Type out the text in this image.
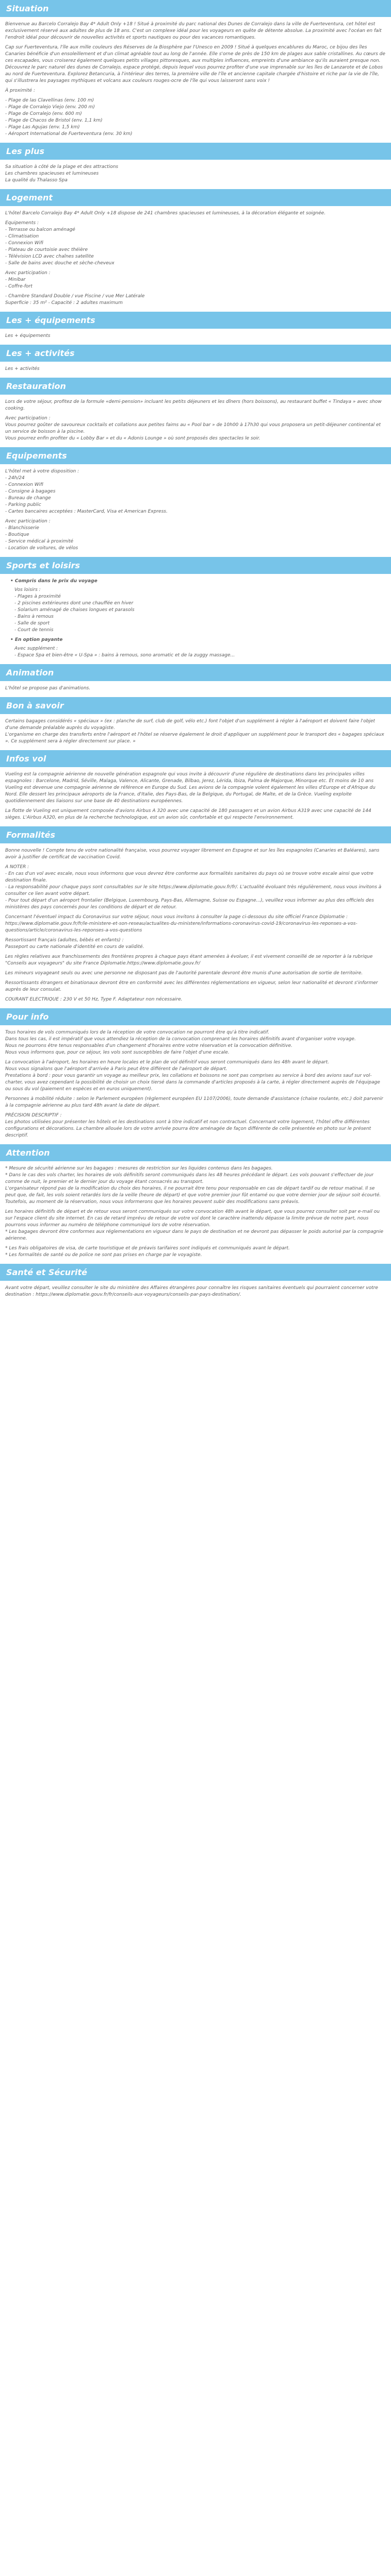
Situation

Bienvenue au Barcelo Corralejo Bay 4* Adult Only +18 ! Situé à proximité du parc national des Dunes de Corralejo dans la ville de Fuerteventura, cet hôtel est exclusivement réservé aux adultes de plus de 18 ans. C'est un complexe idéal pour les voyageurs en quête de détente absolue. La proximité avec l'océan en fait l'endroit idéal pour découvrir de nouvelles activités et sports nautiques ou pour des vacances romantiques.

Cap sur Fuerteventura, l'île aux mille couleurs des Réserves de la Biosphère par l'Unesco en 2009 ! Situé à quelques encablures du Maroc, ce bijou des îles Canaries bénéficie d'un ensoleillement et d'un climat agréable tout au long de l'année. Elle s'orne de près de 150 km de plages aux sable cristallines. Au cœurs de ces escapades, vous croiserez également quelques petits villages pittoresques, aux multiples influences, empreints d'une ambiance qu'ils auraient presque non. Découvrez le parc naturel des dunes de Corralejo, espace protégé, depuis lequel vous pourrez profiter d'une vue imprenable sur les îles de Lanzarote et de Lobos au nord de Fuerteventura. Explorez Betancuria, à l'intérieur des terres, la première ville de l'île et ancienne capitale chargée d'histoire et riche par la vie de l'île, qui s'illustrera les paysages mythiques et volcans aux couleurs rouges-ocre de l'île qui vous laisseront sans voix !

À proximité :

- Plage de las Clavellinas (env. 100 m)
- Plage de Corralejo Viejo (env. 200 m)
- Plage de Corralejo (env. 600 m)
- Plage de Chacos de Bristol (env. 1,1 km)
- Plage Las Agujas (env. 1,5 km)
- Aéroport International de Fuerteventura (env. 30 km)

Les plus

Sa situation à côté de la plage et des attractions
Les chambres spacieuses et lumineuses
La qualité du Thalasso Spa

Logement

L'hôtel Barcelo Corralejo Bay 4* Adult Only +18 dispose de 241 chambres spacieuses et lumineuses, à la décoration élégante et soignée.

Equipements :
- Terrasse ou balcon aménagé
- Climatisation
- Connexion Wifi
- Plateau de courtoisie avec théière
- Télévision LCD avec chaînes satellite
- Salle de bains avec douche et sèche-cheveux

Avec participation :
- Minibar
- Coffre-fort

- Chambre Standard Double / vue Piscine / vue Mer Latérale
Superficie : 35 m² - Capacité : 2 adultes maximum

Les + équipements

Les + équipements

Les + activités

Les + activités

Restauration

Lors de votre séjour, profitez de la formule «demi-pension» incluant les petits déjeuners et les dîners (hors boissons), au restaurant buffet « Tindaya » avec show cooking.

Avec participation :
Vous pourrez goûter de savoureux cocktails et collations aux petites faims au « Pool bar » de 10h00 à 17h30 qui vous proposera un petit-déjeuner continental et un service de boisson à la piscine.
Vous pourrez enfin profiter du « Lobby Bar » et du « Adonis Lounge » où sont proposés des spectacles le soir.

Equipements

L'hôtel met à votre disposition :
- 24h/24
- Connexion Wifi
- Consigne à bagages
- Bureau de change
- Parking public
- Cartes bancaires acceptées : MasterCard, Visa et American Express.

Avec participation :
- Blanchisserie
- Boutique
- Service médical à proximité
- Location de voitures, de vélos

Sports et loisirs
• Compris dans le prix du voyage
Vos loisirs :
- Plages à proximité
- 2 piscines extérieures dont une chauffée en hiver
- Solarium aménagé de chaises longues et parasols
- Bains à remous
- Salle de sport
- Court de tennis
• En option payante
Avec supplément :
- Espace Spa et bien-être « U-Spa » : bains à remous, sono aromatic et de la zuggy massage...
Animation

L'hôtel se propose pas d'animations.

Bon à savoir

Certains bagages considérés « spéciaux » (ex : planche de surf, club de golf, vélo etc.) font l'objet d'un supplément à régler à l'aéroport et doivent faire l'objet d'une demande préalable auprès du voyagiste.
L'organisme en charge des transferts entre l'aéroport et l'hôtel se réserve également le droit d'appliquer un supplément pour le transport des « bagages spéciaux ». Ce supplément sera à régler directement sur place. »

Infos vol

Vueling est la compagnie aérienne de nouvelle génération espagnole qui vous invite à découvrir d'une régulière de destinations dans les principales villes espagnoles : Barcelone, Madrid, Séville, Malaga, Valence, Alicante, Grenade, Bilbao, Jerez, Lérida, Ibiza, Palma de Majorque, Minorque etc. Et moins de 10 ans Vueling est devenue une compagnie aérienne de référence en Europe du Sud. Les avions de la compagnie volent également les villes d'Europe et d'Afrique du Nord. Elle dessert les principaux aéroports de la France, d'Italie, des Pays-Bas, de la Belgique, du Portugal, de Malte, et de la Grèce. Vueling exploite quotidiennement des liaisons sur une base de 40 destinations européennes.

La flotte de Vueling est uniquement composée d'avions Airbus A 320 avec une capacité de 180 passagers et un avion Airbus A319 avec une capacité de 144 sièges. L'Airbus A320, en plus de la recherche technologique, est un avion sûr, confortable et qui respecte l'environnement.

Formalités

Bonne nouvelle ! Compte tenu de votre nationalité française, vous pourrez voyager librement en Espagne et sur les îles espagnoles (Canaries et Baléares), sans avoir à justifier de certificat de vaccination Covid.

A NOTER :
- En cas d'un vol avec escale, nous vous informons que vous devrez être conforme aux formalités sanitaires du pays où se trouve votre escale ainsi que votre destination finale.
- La responsabilité pour chaque pays sont consultables sur le site https://www.diplomatie.gouv.fr/fr/. L'actualité évoluant très régulièrement, nous vous invitons à consulter ce lien avant votre départ.
- Pour tout départ d'un aéroport frontalier (Belgique, Luxembourg, Pays-Bas, Allemagne, Suisse ou Espagne...), veuillez vous informer au plus des officiels des ministères des pays concernés pour les conditions de départ et de retour.

Concernant l'éventuel impact du Coronavirus sur votre séjour, nous vous invitons à consulter la page ci-dessous du site officiel France Diplomatie :
https://www.diplomatie.gouv.fr/fr/le-ministere-et-son-reseau/actualites-du-ministere/informations-coronavirus-covid-19/coronavirus-les-reponses-a-vos-questions/article/coronavirus-les-reponses-a-vos-questions

Ressortissant français (adultes, bébés et enfants) :
Passeport ou carte nationale d'identité en cours de validité.

Les règles relatives aux franchissements des frontières propres à chaque pays étant amenées à évoluer, il est vivement conseillé de se reporter à la rubrique "Conseils aux voyageurs" du site France Diplomatie.https://www.diplomatie.gouv.fr/

Les mineurs voyageant seuls ou avec une personne ne disposant pas de l'autorité parentale devront être munis d'une autorisation de sortie de territoire.

Ressortissants étrangers et binationaux devront être en conformité avec les différentes réglementations en vigueur, selon leur nationalité et devront s'informer auprès de leur consulat.

COURANT ELECTRIQUE : 230 V et 50 Hz, Type F. Adaptateur non nécessaire.

Pour info

Tous horaires de vols communiqués lors de la réception de votre convocation ne pourront être qu'à titre indicatif.
Dans tous les cas, il est impératif que vous attendiez la réception de la convocation comprenant les horaires définitifs avant d'organiser votre voyage.
Nous ne pourrons être tenus responsables d'un changement d'horaires entre votre réservation et la convocation définitive.
Nous vous informons que, pour ce séjour, les vols sont susceptibles de faire l'objet d'une escale.

La convocation à l'aéroport, les horaires en heure locales et le plan de vol définitif vous seront communiqués dans les 48h avant le départ.
Nous vous signalons que l'aéroport d'arrivée à Paris peut être différent de l'aéroport de départ.
Prestations à bord : pour vous garantir un voyage au meilleur prix, les collations et boissons ne sont pas comprises au service à bord des avions sauf sur vol-charter, vous avez cependant la possibilité de choisir un choix tiersé dans la commande d'articles proposés à la carte, à régler directement auprès de l'équipage ou sous du vol (paiement en espèces et en euros uniquement).

Personnes à mobilité réduite : selon le Parlement européen (règlement européen EU 1107/2006), toute demande d'assistance (chaise roulante, etc.) doit parvenir à la compagnie aérienne au plus tard 48h avant la date de départ.

PRÉCISION DESCRIPTIF :
Les photos utilisées pour présenter les hôtels et les destinations sont à titre indicatif et non contractuel. Concernant votre logement, l'hôtel offre différentes configurations et décorations. La chambre allouée lors de votre arrivée pourra être aménagée de façon différente de celle présentée en photo sur le présent descriptif.

Attention

* Mesure de sécurité aérienne sur les bagages : mesures de restriction sur les liquides contenus dans les bagages.
* Dans le cas des vols charter, les horaires de vols définitifs seront communiqués dans les 48 heures précédant le départ. Les vols pouvant s'effectuer de jour comme de nuit, le premier et le dernier jour du voyage étant consacrés au transport.
L'organisateur répond pas de la modification du choix des horaires, il ne pourrait être tenu pour responsable en cas de départ tardif ou de retour matinal. Il se peut que, de fait, les vols soient retardés lors de la veille (heure de départ) et que votre premier jour fût entamé ou que votre dernier jour de séjour soit écourté. Toutefois, au moment de la réservation, nous vous informerons que les horaires peuvent subir des modifications sans préavis.

Les horaires définitifs de départ et de retour vous seront communiqués sur votre convocation 48h avant le départ, que vous pourrez consulter soit par e-mail ou sur l'espace client du site internet. En cas de retard imprévu de retour de votre vol dont le caractère inattendu dépasse la limite prévue de notre part, nous pourrons vous informer au numéro de téléphone communiqué lors de votre réservation.
* Les bagages devront être conformes aux réglementations en vigueur dans le pays de destination et ne devront pas dépasser le poids autorisé par la compagnie aérienne.

* Les frais obligatoires de visa, de carte touristique et de préavis tarifaires sont indiqués et communiqués avant le départ.
* Les formalités de santé ou de police ne sont pas prises en charge par le voyagiste.

Santé et Sécurité

Avant votre départ, veuillez consulter le site du ministère des Affaires étrangères pour connaître les risques sanitaires éventuels qui pourraient concerner votre destination : https://www.diplomatie.gouv.fr/fr/conseils-aux-voyageurs/conseils-par-pays-destination/.
